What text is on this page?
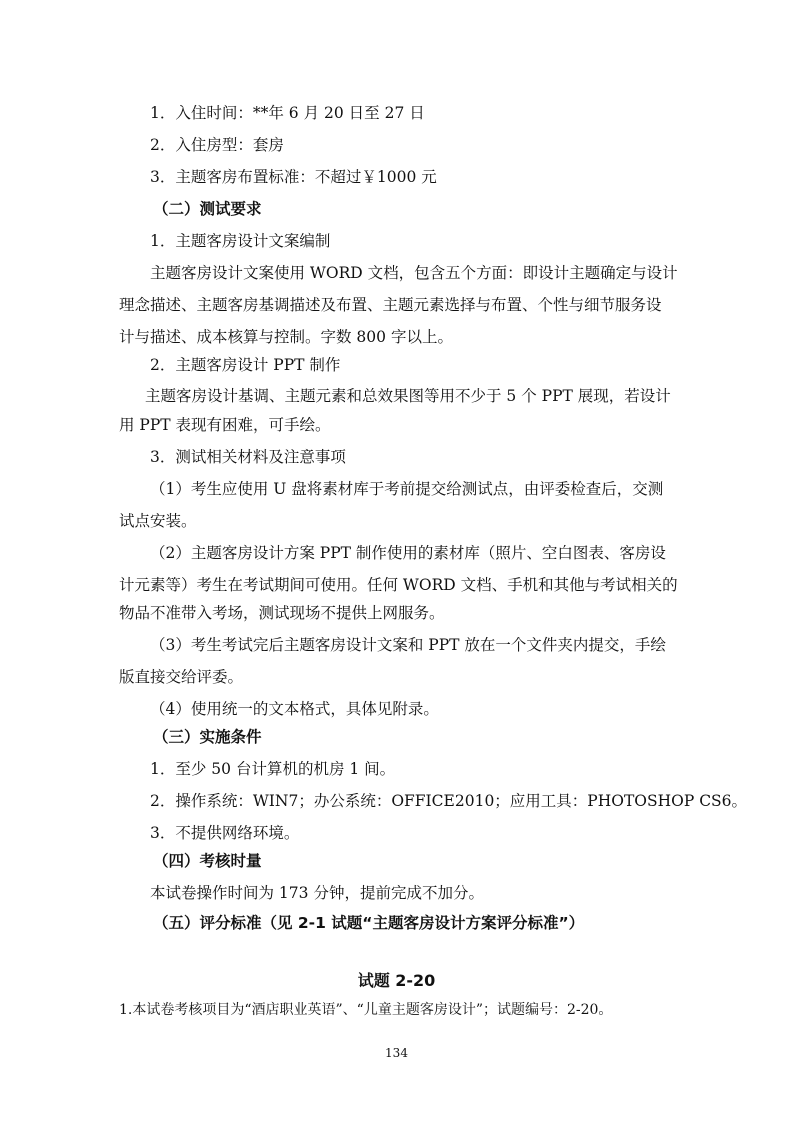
1．入住时间：**年 6 月 20 日至 27 日
2．入住房型：套房
3．主题客房布置标准：不超过￥1000 元
（二）测试要求
1．主题客房设计文案编制
主题客房设计文案使用 WORD 文档，包含五个方面：即设计主题确定与设计
理念描述、主题客房基调描述及布置、主题元素选择与布置、个性与细节服务设
计与描述、成本核算与控制。字数 800 字以上。
2．主题客房设计 PPT 制作
主题客房设计基调、主题元素和总效果图等用不少于 5 个 PPT 展现，若设计
用 PPT 表现有困难，可手绘。
3．测试相关材料及注意事项
（1）考生应使用 U 盘将素材库于考前提交给测试点，由评委检查后，交测
试点安装。
（2）主题客房设计方案 PPT 制作使用的素材库（照片、空白图表、客房设
计元素等）考生在考试期间可使用。任何 WORD 文档、手机和其他与考试相关的
物品不准带入考场，测试现场不提供上网服务。
（3）考生考试完后主题客房设计文案和 PPT 放在一个文件夹内提交，手绘
版直接交给评委。
（4）使用统一的文本格式，具体见附录。
（三）实施条件
1．至少 50 台计算机的机房 1 间。
2．操作系统：WIN7；办公系统：OFFICE2010；应用工具：PHOTOSHOP CS6。
3．不提供网络环境。
（四）考核时量
本试卷操作时间为 173 分钟，提前完成不加分。
（五）评分标准（见 2-1 试题“主题客房设计方案评分标准”）
试题 2-20
1.本试卷考核项目为“酒店职业英语”、“儿童主题客房设计”；试题编号：2-20。
134
